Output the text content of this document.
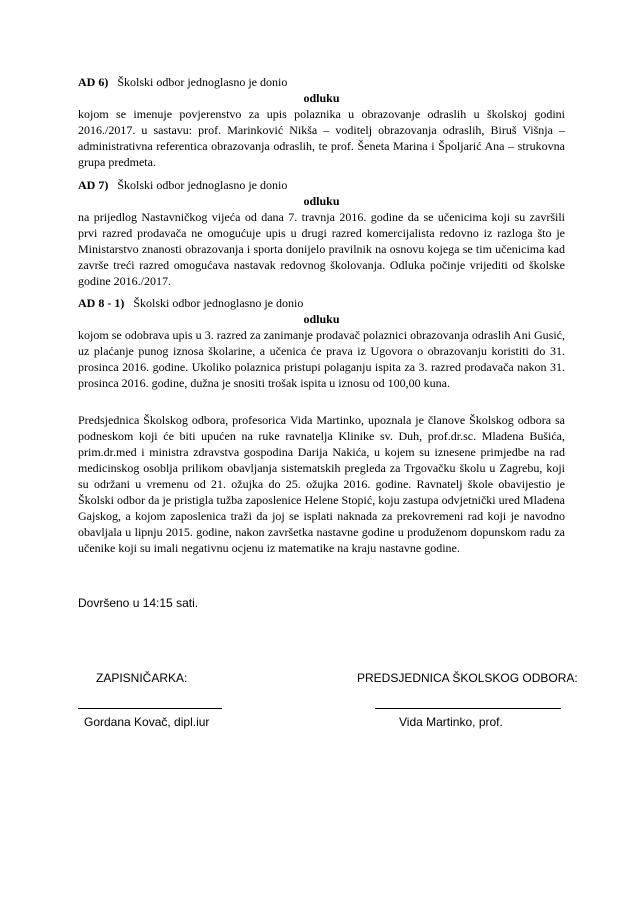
AD 6) Školski odbor jednoglasno je donio
odluku

kojom se imenuje povjerenstvo za upis polaznika u obrazovanje odraslih u školskoj godini 2016./2017. u sastavu: prof. Marinković Nikša – voditelj obrazovanja odraslih, Biruš Višnja – administrativna referentica obrazovanja odraslih, te prof. Šeneta Marina i Špoljarić Ana – strukovna grupa predmeta.

AD 7) Školski odbor jednoglasno je donio
odluku

na prijedlog Nastavničkog vijeća od dana 7. travnja 2016. godine da se učenicima koji su završili prvi razred prodavača ne omogućuje upis u drugi razred komercijalista redovno iz razloga što je Ministarstvo znanosti obrazovanja i sporta donijelo pravilnik na osnovu kojega se tim učenicima kad završe treći razred omogućava nastavak redovnog školovanja. Odluka počinje vrijediti od školske godine 2016./2017.

AD 8 - 1) Školski odbor jednoglasno je donio
odluku

kojom se odobrava upis u 3. razred za zanimanje prodavač polaznici obrazovanja odraslih Ani Gusić, uz plaćanje punog iznosa školarine, a učenica će prava iz Ugovora o obrazovanju koristiti do 31. prosinca 2016. godine. Ukoliko polaznica pristupi polaganju ispita za 3. razred prodavača nakon 31. prosinca 2016. godine, dužna je snositi trošak ispita u iznosu od 100,00 kuna.

Predsjednica Školskog odbora, profesorica Vida Martinko, upoznala je članove Školskog odbora sa podneskom koji će biti upućen na ruke ravnatelja Klinike sv. Duh, prof.dr.sc. Mladena Bušića, prim.dr.med i ministra zdravstva gospodina Darija Nakića, u kojem su iznesene primjedbe na rad medicinskog osoblja prilikom obavljanja sistematskih pregleda za Trgovačku školu u Zagrebu, koji su održani u vremenu od 21. ožujka do 25. ožujka 2016. godine. Ravnatelj škole obavijestio je Školski odbor da je pristigla tužba zaposlenice Helene Stopić, koju zastupa odvjetnički ured Mladena Gajskog, a kojom zaposlenica traži da joj se isplati naknada za prekovremeni rad koji je navodno obavljala u lipnju 2015. godine, nakon završetka nastavne godine u produženom dopunskom radu za učenike koji su imali negativnu ocjenu iz matematike na kraju nastavne godine.

Dovršeno u 14:15 sati.
ZAPISNIČARKA:	PREDSJEDNICA ŠKOLSKOG ODBORA:
Gordana Kovač, dipl.iur	Vida Martinko, prof.
